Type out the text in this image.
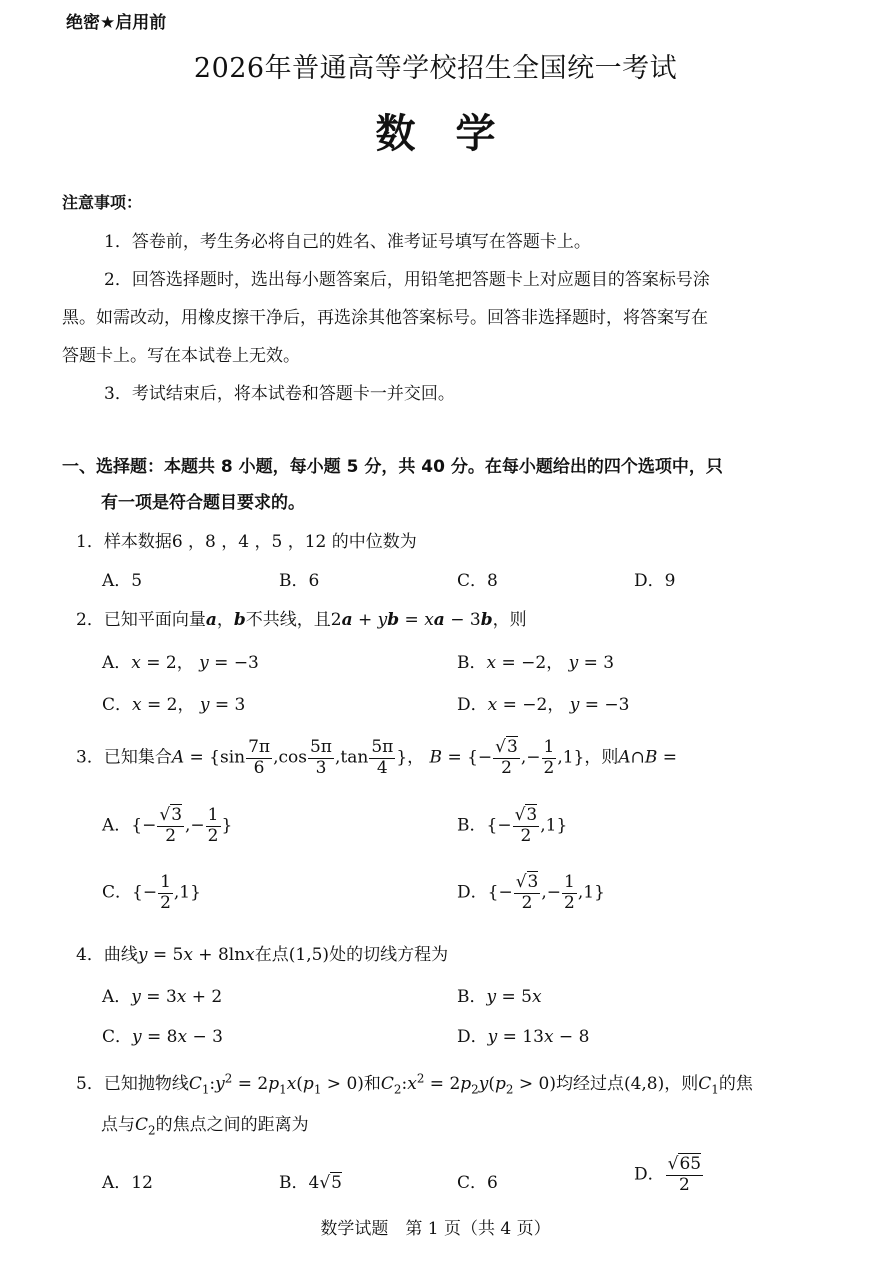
绝密★启用前
2026年普通高等学校招生全国统一考试
数学
注意事项：
1．答卷前，考生务必将自己的姓名、准考证号填写在答题卡上。
2．回答选择题时，选出每小题答案后，用铅笔把答题卡上对应题目的答案标号涂
黑。如需改动，用橡皮擦干净后，再选涂其他答案标号。回答非选择题时，将答案写在
答题卡上。写在本试卷上无效。
3．考试结束后，将本试卷和答题卡一并交回。
一、选择题：本题共 8 小题，每小题 5 分，共 40 分。在每小题给出的四个选项中，只
有一项是符合题目要求的。
1．样本数据6 ，8 ，4 ，5 ，12 的中位数为
A．5	B．6	C．8	D．9
2．已知平面向量a，b不共线，且2a + yb = xa − 3b，则
A．x = 2， y = −3	B．x = −2， y = 3
C．x = 2， y = 3	D．x = −2， y = −3
3．已知集合$A = \{\sin \frac{7\pi}{6} ,\cos \frac{5\pi}{3} ,\tan \frac{5\pi}{4}$ }， B = {− $\frac{√3}{2}$ ,− $\frac{1}{2} ,1$}，则A∩B =
A．{− $\frac{√3}{2}$ ,− $\frac{1}{2}$ }	B．{− $\frac{√3}{2} ,1$}
C．{− $\frac{1}{2} ,1$}	D．{− $\frac{√3}{2}$ ,− $\frac{1}{2} ,1$}
4．曲线y = 5x + 8lnx在点(1,5)处的切线方程为
A．y = 3x + 2	B．y = 5x
C．y = 8x − 3	D．y = 13x − 8
5．已知抛物线$C_1:y^2 = 2p_1x(p_1 > 0)$和$C_2:x^2 = 2p_2y(p_2 > 0)$均经过点(4,8)，则$C_1$的焦
点与$C_2$的焦点之间的距离为
A．12	B．4√5	C．6	D． $\frac{√65}{2}$
数学试题　第 1 页（共 4 页）
